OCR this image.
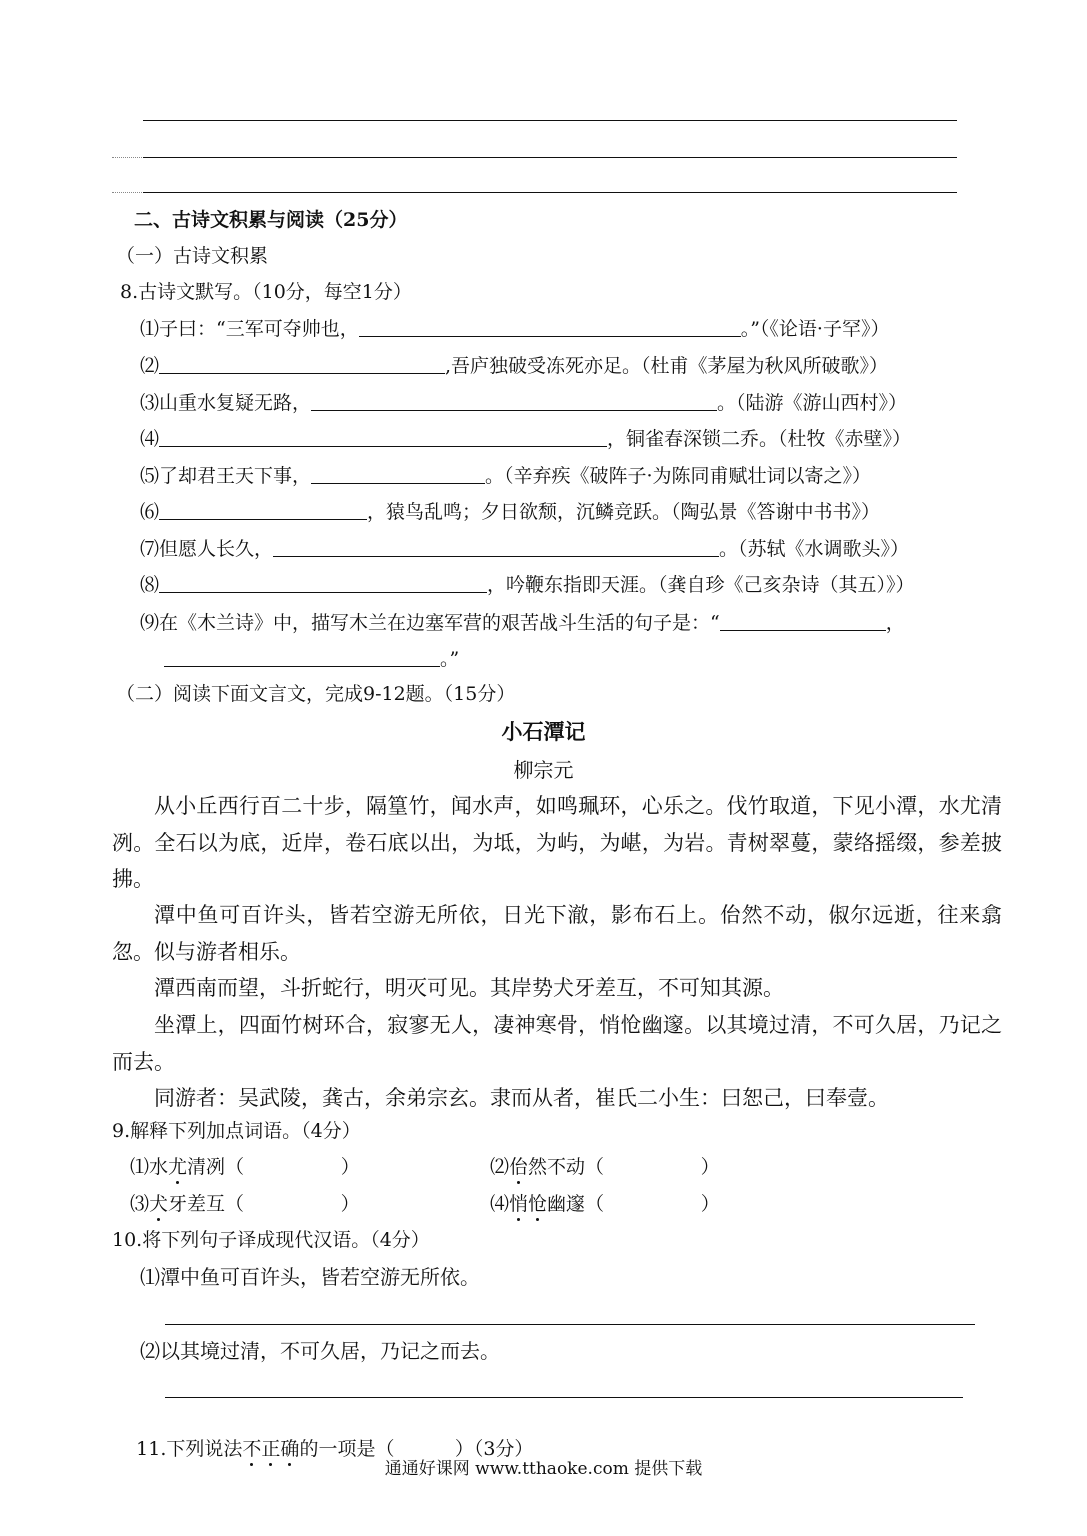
二、古诗文积累与阅读（25分）
（一）古诗文积累
8.古诗文默写。（10分，每空1分）
⑴子曰：“三军可夺帅也，	。”（《论语·子罕》）
⑵	,吾庐独破受冻死亦足。（杜甫《茅屋为秋风所破歌》）
⑶山重水复疑无路，	。（陆游《游山西村》）
⑷	，铜雀春深锁二乔。（杜牧《赤壁》）
⑸了却君王天下事，	。（辛弃疾《破阵子·为陈同甫赋壮词以寄之》）
⑹	，猿鸟乱鸣；夕日欲颓，沉鳞竞跃。（陶弘景《答谢中书书》）
⑺但愿人长久，	。（苏轼《水调歌头》）
⑻	，吟鞭东指即天涯。（龚自珍《己亥杂诗（其五）》）
⑼在《木兰诗》中，描写木兰在边塞军营的艰苦战斗生活的句子是：“	，
。”
（二）阅读下面文言文，完成9-12题。（15分）
小石潭记
柳宗元
从小丘西行百二十步，隔篁竹，闻水声，如鸣珮环，心乐之。伐竹取道，下见小潭，水尤清冽。全石以为底，近岸，卷石底以出，为坻，为屿，为嵁，为岩。青树翠蔓，蒙络摇缀，参差披拂。
潭中鱼可百许头，皆若空游无所依，日光下澈，影布石上。佁然不动，俶尔远逝，往来翕忽。似与游者相乐。
潭西南而望，斗折蛇行，明灭可见。其岸势犬牙差互，不可知其源。
坐潭上，四面竹树环合，寂寥无人，凄神寒骨，悄怆幽邃。以其境过清，不可久居，乃记之而去。
同游者：吴武陵，龚古，余弟宗玄。隶而从者，崔氏二小生：曰恕己，曰奉壹。
9.解释下列加点词语。（4分）
⑴水尤清冽（                ）	⑵佁然不动（                ）
⑶犬牙差互（                ）	⑷悄怆幽邃（                ）
10.将下列句子译成现代汉语。（4分）
⑴潭中鱼可百许头，皆若空游无所依。
⑵以其境过清，不可久居，乃记之而去。

11.下列说法不正确的一项是（          ）（3分）

通通好课网 www.tthaoke.com 提供下载
